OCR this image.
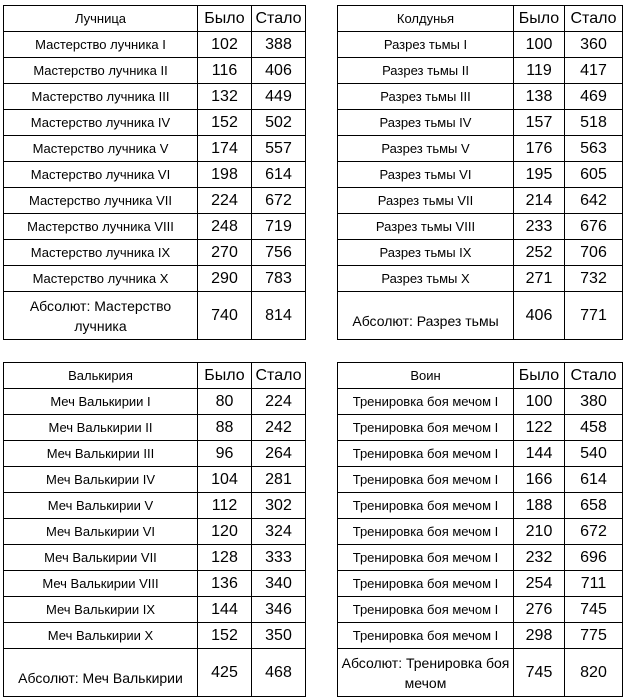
Лучница	Было	Стало
Мастерство лучника I	102	388
Мастерство лучника II	116	406
Мастерство лучника III	132	449
Мастерство лучника IV	152	502
Мастерство лучника V	174	557
Мастерство лучника VI	198	614
Мастерство лучника VII	224	672
Мастерство лучника VIII	248	719
Мастерство лучника IX	270	756
Мастерство лучника X	290	783
Абсолют: Мастерство лучника	740	814
Колдунья	Было	Стало
Разрез тьмы I	100	360
Разрез тьмы II	119	417
Разрез тьмы III	138	469
Разрез тьмы IV	157	518
Разрез тьмы V	176	563
Разрез тьмы VI	195	605
Разрез тьмы VII	214	642
Разрез тьмы VIII	233	676
Разрез тьмы IX	252	706
Разрез тьмы X	271	732
Абсолют: Разрез тьмы	406	771
Валькирия	Было	Стало
Меч Валькирии I	80	224
Меч Валькирии II	88	242
Меч Валькирии III	96	264
Меч Валькирии IV	104	281
Меч Валькирии V	112	302
Меч Валькирии VI	120	324
Меч Валькирии VII	128	333
Меч Валькирии VIII	136	340
Меч Валькирии IX	144	346
Меч Валькирии X	152	350
Абсолют: Меч Валькирии	425	468
Воин	Было	Стало
Тренировка боя мечом I	100	380
Тренировка боя мечом I	122	458
Тренировка боя мечом I	144	540
Тренировка боя мечом I	166	614
Тренировка боя мечом I	188	658
Тренировка боя мечом I	210	672
Тренировка боя мечом I	232	696
Тренировка боя мечом I	254	711
Тренировка боя мечом I	276	745
Тренировка боя мечом I	298	775
Абсолют: Тренировка боя мечом	745	820
